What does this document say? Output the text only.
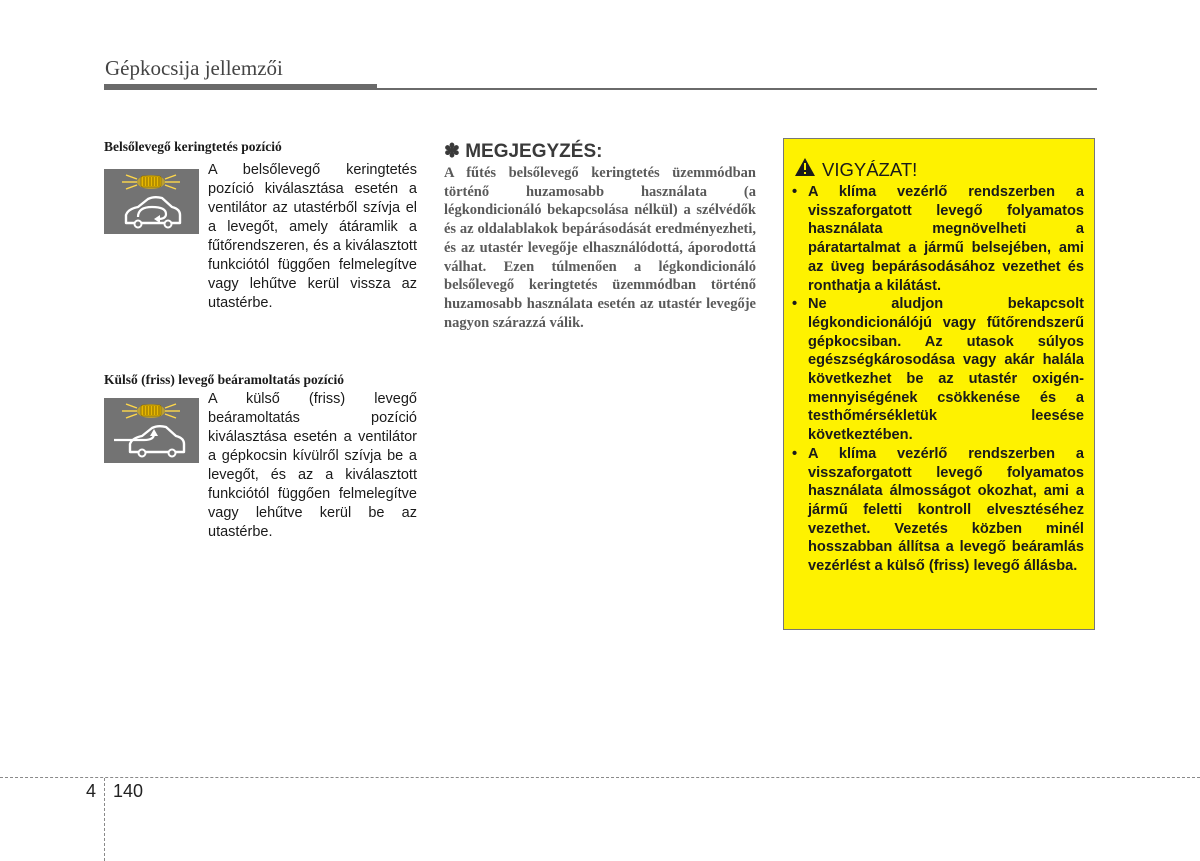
Gépkocsija jellemzői
Belsőlevegő keringtetés pozíció
A belsőlevegő keringtetés pozíció kiválasztása esetén a ventilátor az utastérből szívja el a levegőt, amely átáramlik a fűtőrendszeren, és a kiválasztott funkciótól függően felmelegítve vagy lehűtve kerül vissza az utastérbe.
Külső (friss) levegő beáramoltatás pozíció
A külső (friss) levegő beáramoltatás pozíció kiválasztása esetén a ventilátor a gépkocsin kívülről szívja be a levegőt, és az a kiválasztott funkciótól függően felmelegítve vagy lehűtve kerül be az utastérbe.
✽ MEGJEGYZÉS:
A fűtés belsőlevegő keringtetés üzemmódban történő huzamosabb használata (a légkondicionáló bekapcsolása nélkül) a szélvédők és az oldalablakok bepárásodását eredményezheti, és az utastér levegője elhasználódottá, áporodottá válhat. Ezen túlmenően a légkondicionáló belsőlevegő keringtetés üzemmódban történő huzamosabb használata esetén az utastér levegője nagyon szárazzá válik.
VIGYÁZAT!
• A klíma vezérlő rendszerben a visszaforgatott levegő folyamatos használata megnövelheti a páratartalmat a jármű belsejében, ami az üveg bepárásodásához vezethet és ronthatja a kilátást.
• Ne aludjon bekapcsolt légkondicionálójú vagy fűtőrendszerű gépkocsiban. Az utasok súlyos egészségkárosodása vagy akár halála következhet be az utastér oxigénmennyiségének csökkenése és a testhőmérsékletük leesése következtében.
• A klíma vezérlő rendszerben a visszaforgatott levegő folyamatos használata álmosságot okozhat, ami a jármű feletti kontroll elvesztéséhez vezethet. Vezetés közben minél hosszabban állítsa a levegő beáramlás vezérlést a külső (friss) levegő állásba.
4 140
